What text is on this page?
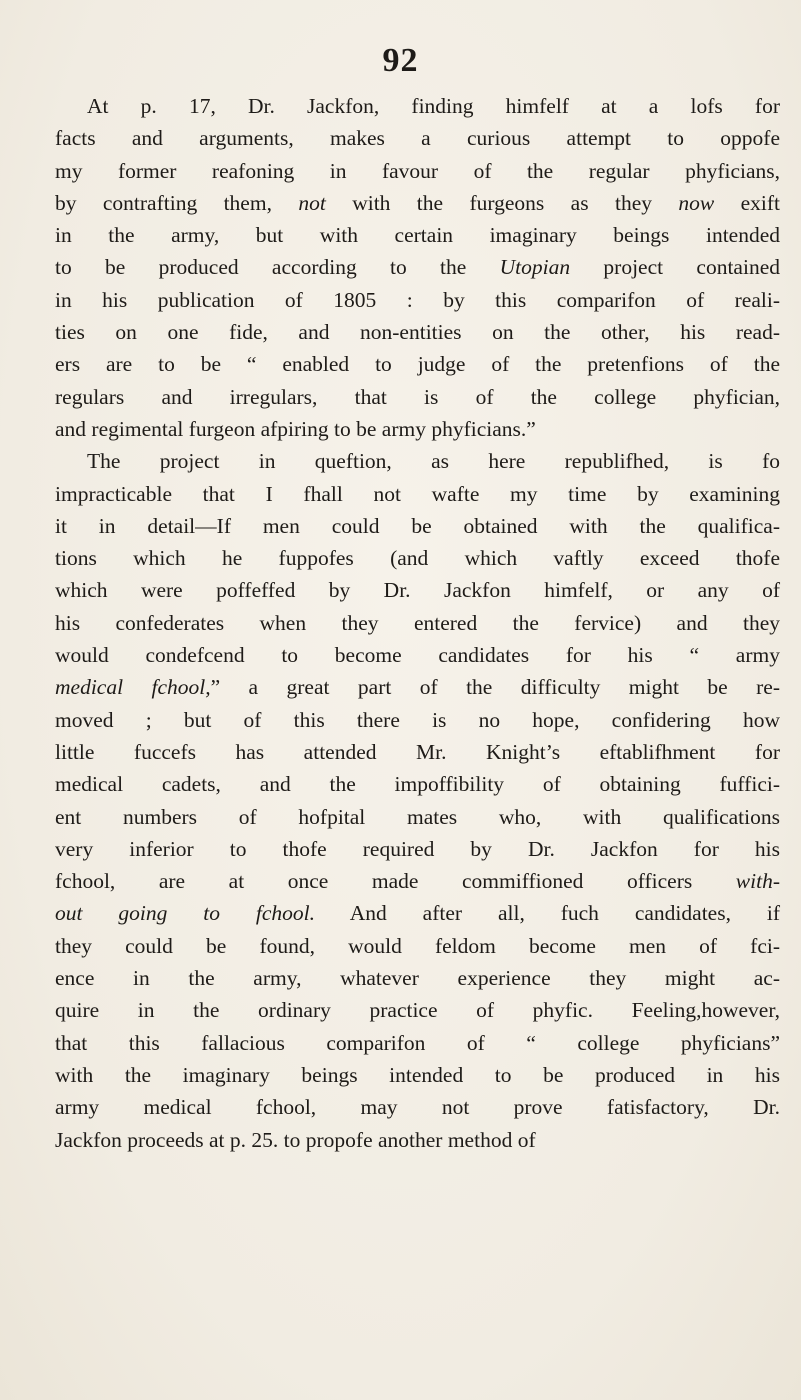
92
At p. 17, Dr. Jackfon, finding himfelf at a lofs for
facts and arguments, makes a curious attempt to oppofe
my former reafoning in favour of the regular phyficians,
by contrafting them, not with the furgeons as they now exift
in the army, but with certain imaginary beings intended
to be produced according to the Utopian project contained
in his publication of 1805 : by this comparifon of reali-
ties on one fide, and non-entities on the other, his read-
ers are to be “ enabled to judge of the pretenfions of the
regulars and irregulars, that is of the college phyfician,
and regimental furgeon afpiring to be army phyficians.”
The project in queftion, as here republifhed, is fo
impracticable that I fhall not wafte my time by examining
it in detail—If men could be obtained with the qualifica-
tions which he fuppofes (and which vaftly exceed thofe
which were poffeffed by Dr. Jackfon himfelf, or any of
his confederates when they entered the fervice) and they
would condefcend to become candidates for his “ army
medical fchool,” a great part of the difficulty might be re-
moved ; but of this there is no hope, confidering how
little fuccefs has attended Mr. Knight’s eftablifhment for
medical cadets, and the impoffibility of obtaining fuffici-
ent numbers of hofpital mates who, with qualifications
very inferior to thofe required by Dr. Jackfon for his
fchool, are at once made commiffioned officers with-
out going to fchool. And after all, fuch candidates, if
they could be found, would feldom become men of fci-
ence in the army, whatever experience they might ac-
quire in the ordinary practice of phyfic. Feeling,however,
that this fallacious comparifon of “ college phyficians”
with the imaginary beings intended to be produced in his
army medical fchool, may not prove fatisfactory, Dr.
Jackfon proceeds at p. 25. to propofe another method of
